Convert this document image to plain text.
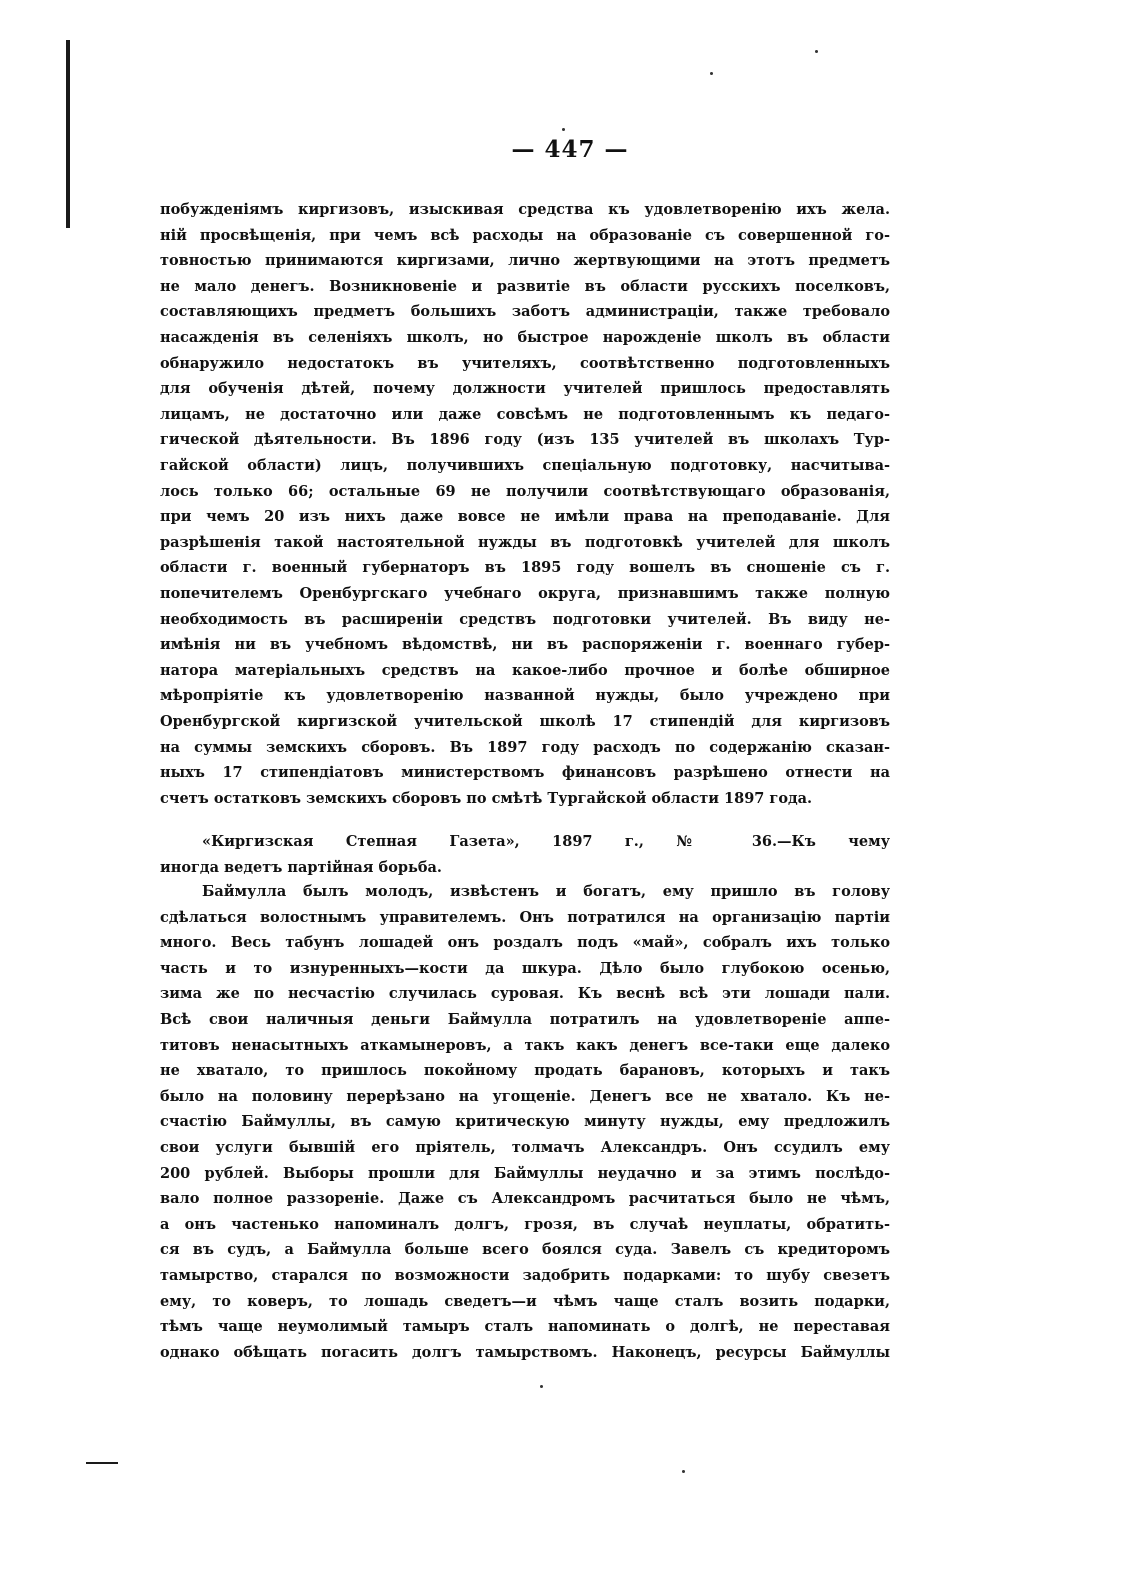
— 447 —
побужденіямъ киргизовъ, изыскивая средства къ удовлетворенію ихъ жела.
ній просвѣщенія, при чемъ всѣ расходы на образованіе съ совершенной го-
товностью принимаются киргизами, лично жертвующими на этотъ предметъ
не мало денегъ. Возникновеніе и развитіе въ области русскихъ поселковъ,
составляющихъ предметъ большихъ заботъ администраціи, также требовало
насажденія въ селеніяхъ школъ, но быстрое нарожденіе школъ въ области
обнаружило недостатокъ въ учителяхъ, соотвѣтственно подготовленныхъ
для обученія дѣтей, почему должности учителей пришлось предоставлять
лицамъ, не достаточно или даже совсѣмъ не подготовленнымъ къ педаго-
гической дѣятельности. Въ 1896 году (изъ 135 учителей въ школахъ Тур-
гайской области) лицъ, получившихъ спеціальную подготовку, насчитыва-
лось только 66; остальные 69 не получили соотвѣтствующаго образованія,
при чемъ 20 изъ нихъ даже вовсе не имѣли права на преподаваніе. Для
разрѣшенія такой настоятельной нужды въ подготовкѣ учителей для школъ
области г. военный губернаторъ въ 1895 году вошелъ въ сношеніе съ г.
попечителемъ Оренбургскаго учебнаго округа, признавшимъ также полную
необходимость въ расширеніи средствъ подготовки учителей. Въ виду не-
имѣнія ни въ учебномъ вѣдомствѣ, ни въ распоряженіи г. военнаго губер-
натора матеріальныхъ средствъ на какое-либо прочное и болѣе обширное
мѣропріятіе къ удовлетворенію названной нужды, было учреждено при
Оренбургской киргизской учительской школѣ 17 стипендій для киргизовъ
на суммы земскихъ сборовъ. Въ 1897 году расходъ по содержанію сказан-
ныхъ 17 стипендіатовъ министерствомъ финансовъ разрѣшено отнести на
счетъ остатковъ земскихъ сборовъ по смѣтѣ Тургайской области 1897 года.
«Киргизская Степная Газета», 1897 г., № 36.—Къ чему
иногда ведетъ партійная борьба.
Баймулла былъ молодъ, извѣстенъ и богатъ, ему пришло въ голову
сдѣлаться волостнымъ управителемъ. Онъ потратился на организацію партіи
много. Весь табунъ лошадей онъ роздалъ подъ «май», собралъ ихъ только
часть и то изнуренныхъ—кости да шкура. Дѣло было глубокою осенью,
зима же по несчастію случилась суровая. Къ веснѣ всѣ эти лошади пали.
Всѣ свои наличныя деньги Баймулла потратилъ на удовлетвореніе аппе-
титовъ ненасытныхъ аткамынеровъ, а такъ какъ денегъ все-таки еще далеко
не хватало, то пришлось покойному продать барановъ, которыхъ и такъ
было на половину перерѣзано на угощеніе. Денегъ все не хватало. Къ не-
счастію Баймуллы, въ самую критическую минуту нужды, ему предложилъ
свои услуги бывшій его пріятель, толмачъ Александръ. Онъ ссудилъ ему
200 рублей. Выборы прошли для Баймуллы неудачно и за этимъ послѣдо-
вало полное раззореніе. Даже съ Александромъ расчитаться было не чѣмъ,
а онъ частенько напоминалъ долгъ, грозя, въ случаѣ неуплаты, обратить-
ся въ судъ, а Баймулла больше всего боялся суда. Завелъ съ кредиторомъ
тамырство, старался по возможности задобрить подарками: то шубу свезетъ
ему, то коверъ, то лошадь сведетъ—и чѣмъ чаще сталъ возить подарки,
тѣмъ чаще неумолимый тамыръ сталъ напоминать о долгѣ, не переставая
однако обѣщать погасить долгъ тамырствомъ. Наконецъ, ресурсы Баймуллы
